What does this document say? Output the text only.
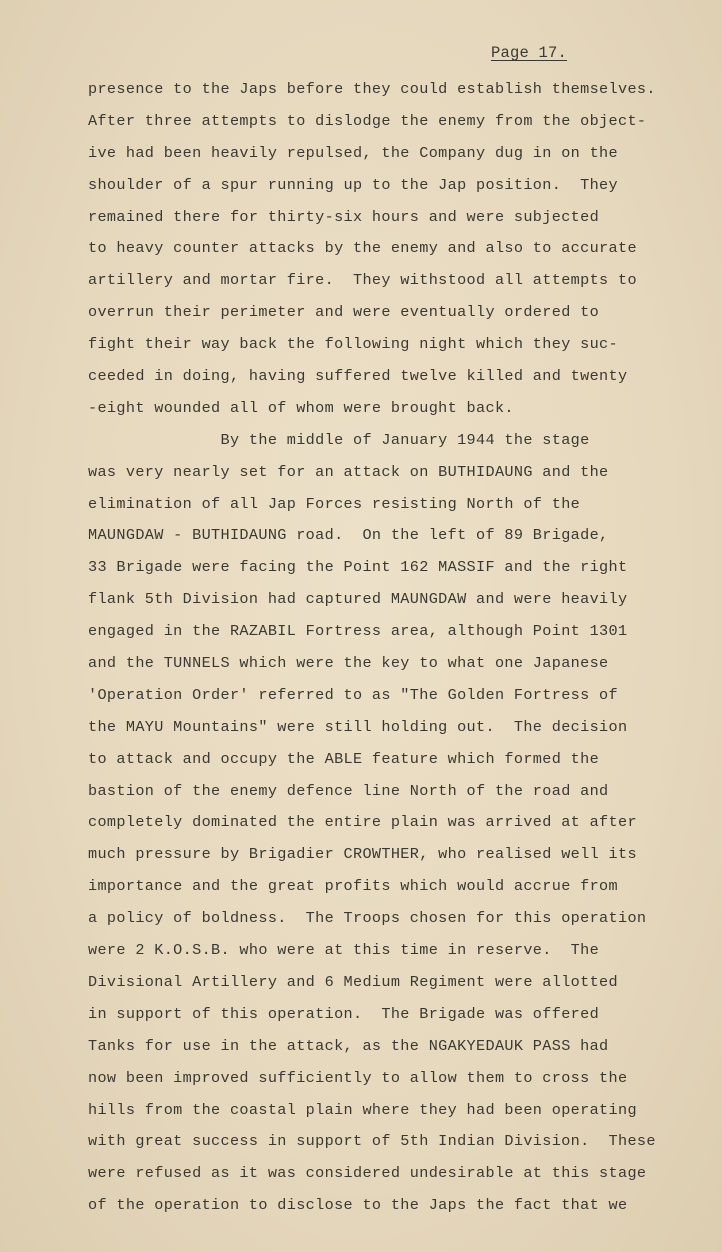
Page 17.
presence to the Japs before they could establish themselves.
After three attempts to dislodge the enemy from the object-
ive had been heavily repulsed, the Company dug in on the
shoulder of a spur running up to the Jap position.  They
remained there for thirty-six hours and were subjected
to heavy counter attacks by the enemy and also to accurate
artillery and mortar fire.  They withstood all attempts to
overrun their perimeter and were eventually ordered to
fight their way back the following night which they suc-
ceeded in doing, having suffered twelve killed and twenty
-eight wounded all of whom were brought back.
By the middle of January 1944 the stage
was very nearly set for an attack on BUTHIDAUNG and the
elimination of all Jap Forces resisting North of the
MAUNGDAW - BUTHIDAUNG road.  On the left of 89 Brigade,
33 Brigade were facing the Point 162 MASSIF and the right
flank 5th Division had captured MAUNGDAW and were heavily
engaged in the RAZABIL Fortress area, although Point 1301
and the TUNNELS which were the key to what one Japanese
'Operation Order' referred to as "The Golden Fortress of
the MAYU Mountains" were still holding out.  The decision
to attack and occupy the ABLE feature which formed the
bastion of the enemy defence line North of the road and
completely dominated the entire plain was arrived at after
much pressure by Brigadier CROWTHER, who realised well its
importance and the great profits which would accrue from
a policy of boldness.  The Troops chosen for this operation
were 2 K.O.S.B. who were at this time in reserve.  The
Divisional Artillery and 6 Medium Regiment were allotted
in support of this operation.  The Brigade was offered
Tanks for use in the attack, as the NGAKYEDAUK PASS had
now been improved sufficiently to allow them to cross the
hills from the coastal plain where they had been operating
with great success in support of 5th Indian Division.  These
were refused as it was considered undesirable at this stage
of the operation to disclose to the Japs the fact that we
